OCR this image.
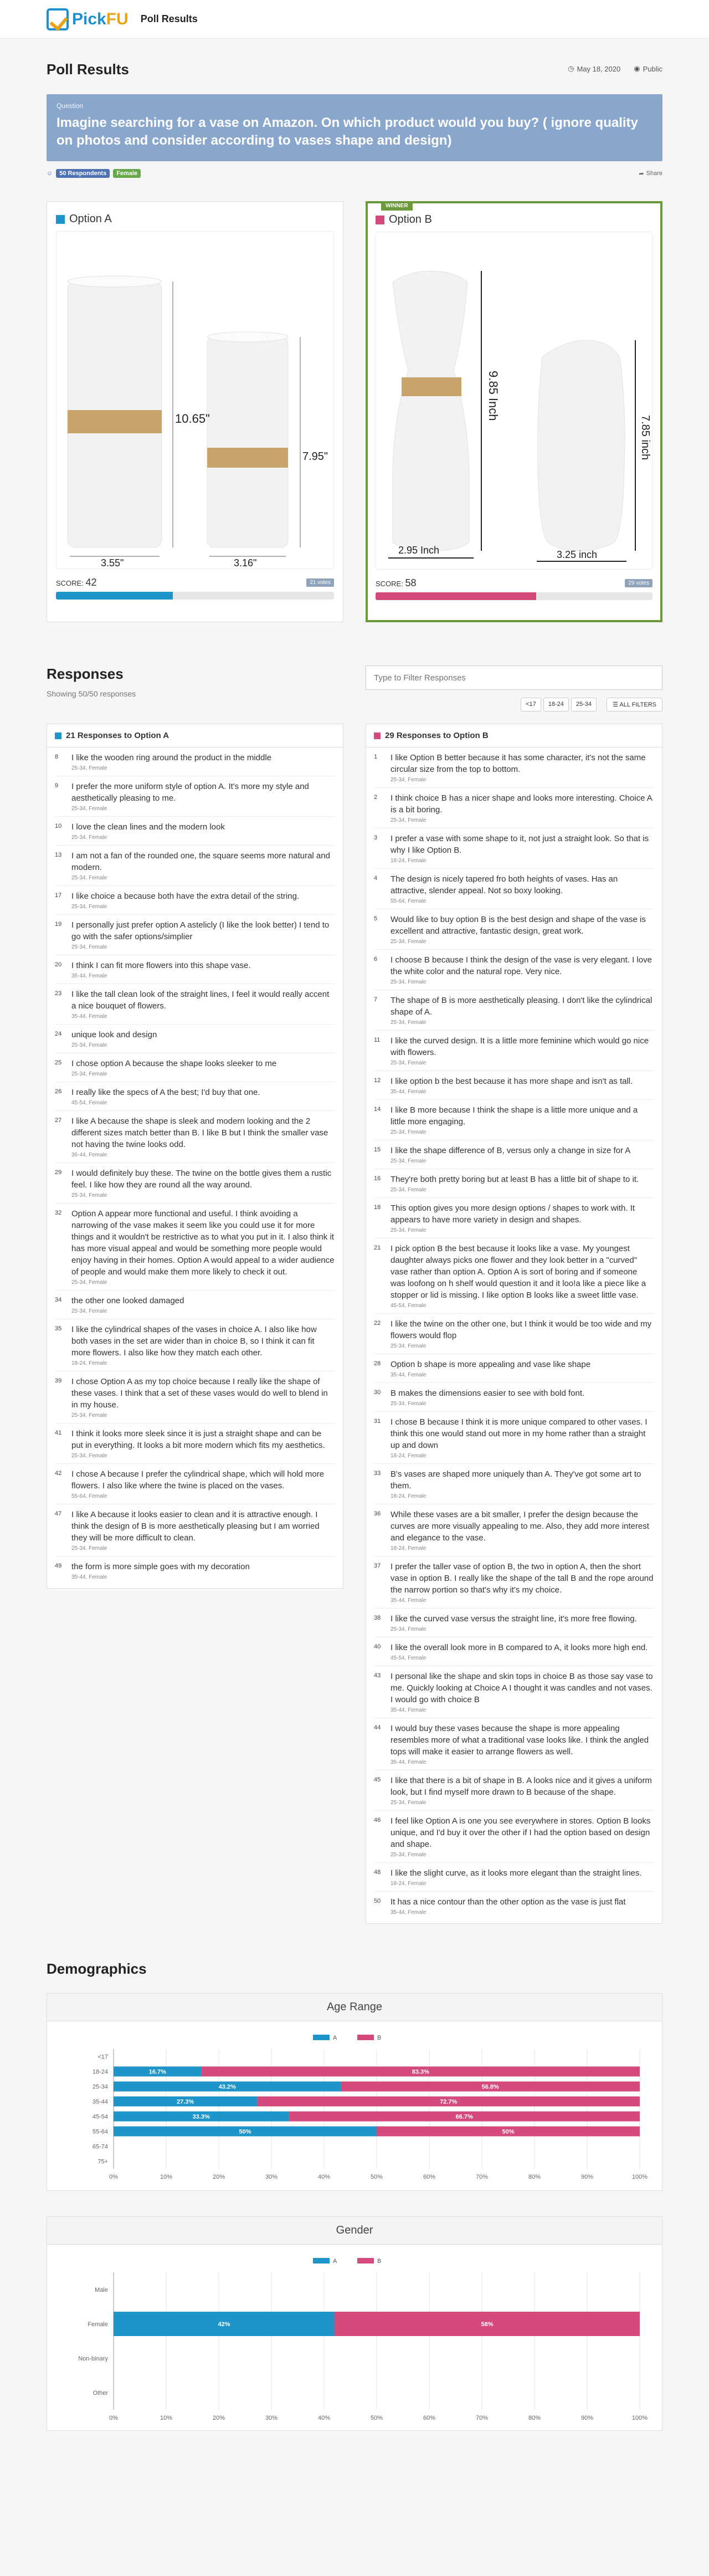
PickFU Poll Results
Poll Results	◷ May 18, 2020 ◉ Public
Question
Imagine searching for a vase on Amazon. On which product would you buy? ( ignore quality on photos and consider according to vases shape and design)
☺	50 Respondents	Female	➦ Share
Option A
10.65"
7.95"
3.55"	3.16"
SCORE: 42	21 votes
WINNER
Option B
9.85 Inch
7.85 inch
2.95 Inch	3.25 inch
SCORE: 58	29 votes
Responses
Showing 50/50 responses
Type to Filter Responses
<17	18-24	25-34	☰ ALL FILTERS
21 Responses to Option A
8	I like the wooden ring around the product in the middle
25-34, Female
9	I prefer the more uniform style of option A. It's more my style and aesthetically pleasing to me.
25-34, Female
10	I love the clean lines and the modern look
25-34, Female
13	I am not a fan of the rounded one, the square seems more natural and modern.
25-34, Female
17	I like choice a because both have the extra detail of the string.
25-34, Female
19	I personally just prefer option A astelicly (I like the look better) I tend to go with the safer options/simplier
25-34, Female
20	I think I can fit more flowers into this shape vase.
35-44, Female
23	I like the tall clean look of the straight lines, I feel it would really accent a nice bouquet of flowers.
35-44, Female
24	unique look and design
25-34, Female
25	I chose option A because the shape looks sleeker to me
25-34, Female
26	I really like the specs of A the best; I'd buy that one.
45-54, Female
27	I like A because the shape is sleek and modern looking and the 2 different sizes match better than B. I like B but I think the smaller vase not having the twine looks odd.
35-44, Female
29	I would definitely buy these. The twine on the bottle gives them a rustic feel. I like how they are round all the way around.
25-34, Female
32	Option A appear more functional and useful. I think avoiding a narrowing of the vase makes it seem like you could use it for more things and it wouldn't be restrictive as to what you put in it. I also think it has more visual appeal and would be something more people would enjoy having in their homes. Option A would appeal to a wider audience of people and would make them more likely to check it out.
25-34, Female
34	the other one looked damaged
25-34, Female
35	I like the cylindrical shapes of the vases in choice A. I also like how both vases in the set are wider than in choice B, so I think it can fit more flowers. I also like how they match each other.
18-24, Female
39	I chose Option A as my top choice because I really like the shape of these vases. I think that a set of these vases would do well to blend in in my house.
25-34, Female
41	I think it looks more sleek since it is just a straight shape and can be put in everything. It looks a bit more modern which fits my aesthetics.
25-34, Female
42	I chose A because I prefer the cylindrical shape, which will hold more flowers. I also like where the twine is placed on the vases.
55-64, Female
47	I like A because it looks easier to clean and it is attractive enough. I think the design of B is more aesthetically pleasing but I am worried they will be more difficult to clean.
25-34, Female
49	the form is more simple goes with my decoration
35-44, Female
29 Responses to Option B
1	I like Option B better because it has some character, it's not the same circular size from the top to bottom.
25-34, Female
2	I think choice B has a nicer shape and looks more interesting. Choice A is a bit boring.
25-34, Female
3	I prefer a vase with some shape to it, not just a straight look. So that is why I like Option B.
18-24, Female
4	The design is nicely tapered fro both heights of vases. Has an attractive, slender appeal. Not so boxy looking.
55-64, Female
5	Would like to buy option B is the best design and shape of the vase is excellent and attractive, fantastic design, great work.
25-34, Female
6	I choose B because I think the design of the vase is very elegant. I love the white color and the natural rope. Very nice.
25-34, Female
7	The shape of B is more aesthetically pleasing. I don't like the cylindrical shape of A.
25-34, Female
11	I like the curved design. It is a little more feminine which would go nice with flowers.
25-34, Female
12	I like option b the best because it has more shape and isn't as tall.
35-44, Female
14	I like B more because I think the shape is a little more unique and a little more engaging.
25-34, Female
15	I like the shape difference of B, versus only a change in size for A
25-34, Female
16	They're both pretty boring but at least B has a little bit of shape to it.
25-34, Female
18	This option gives you more design options / shapes to work with. It appears to have more variety in design and shapes.
25-34, Female
21	I pick option B the best because it looks like a vase. My youngest daughter always picks one flower and they look better in a "curved" vase rather than option A. Option A is sort of boring and if someone was loofong on h shelf would question it and it loo!a like a piece like a stopper or lid is missing. I like option B looks like a sweet little vase.
45-54, Female
22	I like the twine on the other one, but I think it would be too wide and my flowers would flop
25-34, Female
28	Option b shape is more appealing and vase like shape
35-44, Female
30	B makes the dimensions easier to see with bold font.
25-34, Female
31	I chose B because I think it is more unique compared to other vases. I think this one would stand out more in my home rather than a straight up and down
18-24, Female
33	B's vases are shaped more uniquely than A. They've got some art to them.
18-24, Female
36	While these vases are a bit smaller, I prefer the design because the curves are more visually appealing to me. Also, they add more interest and elegance to the vase.
18-24, Female
37	I prefer the taller vase of option B, the two in option A, then the short vase in option B. I really like the shape of the tall B and the rope around the narrow portion so that's why it's my choice.
35-44, Female
38	I like the curved vase versus the straight line, it's more free flowing.
25-34, Female
40	I like the overall look more in B compared to A, it looks more high end.
45-54, Female
43	I personal like the shape and skin tops in choice B as those say vase to me. Quickly looking at Choice A I thought it was candles and not vases. I would go with choice B
35-44, Female
44	I would buy these vases because the shape is more appealing resembles more of what a traditional vase looks like. I think the angled tops will make it easier to arrange flowers as well.
35-44, Female
45	I like that there is a bit of shape in B. A looks nice and it gives a uniform look, but I find myself more drawn to B because of the shape.
25-34, Female
46	I feel like Option A is one you see everywhere in stores. Option B looks unique, and I'd buy it over the other if I had the option based on design and shape.
25-34, Female
48	I like the slight curve, as it looks more elegant than the straight lines.
18-24, Female
50	It has a nice contour than the other option as the vase is just flat
35-44, Female
Demographics
Age Range
A	B
0%	10%	20%	30%	40%	50%	60%	70%	80%	90%	100%
<17
18-24	16.7%	83.3%
25-34	43.2%	56.8%
35-44	27.3%	72.7%
45-54	33.3%	66.7%
55-64	50%	50%
65-74
75+
Gender
A	B
0%	10%	20%	30%	40%	50%	60%	70%	80%	90%	100%
Male
Female	42%	58%
Non-binary
Other
